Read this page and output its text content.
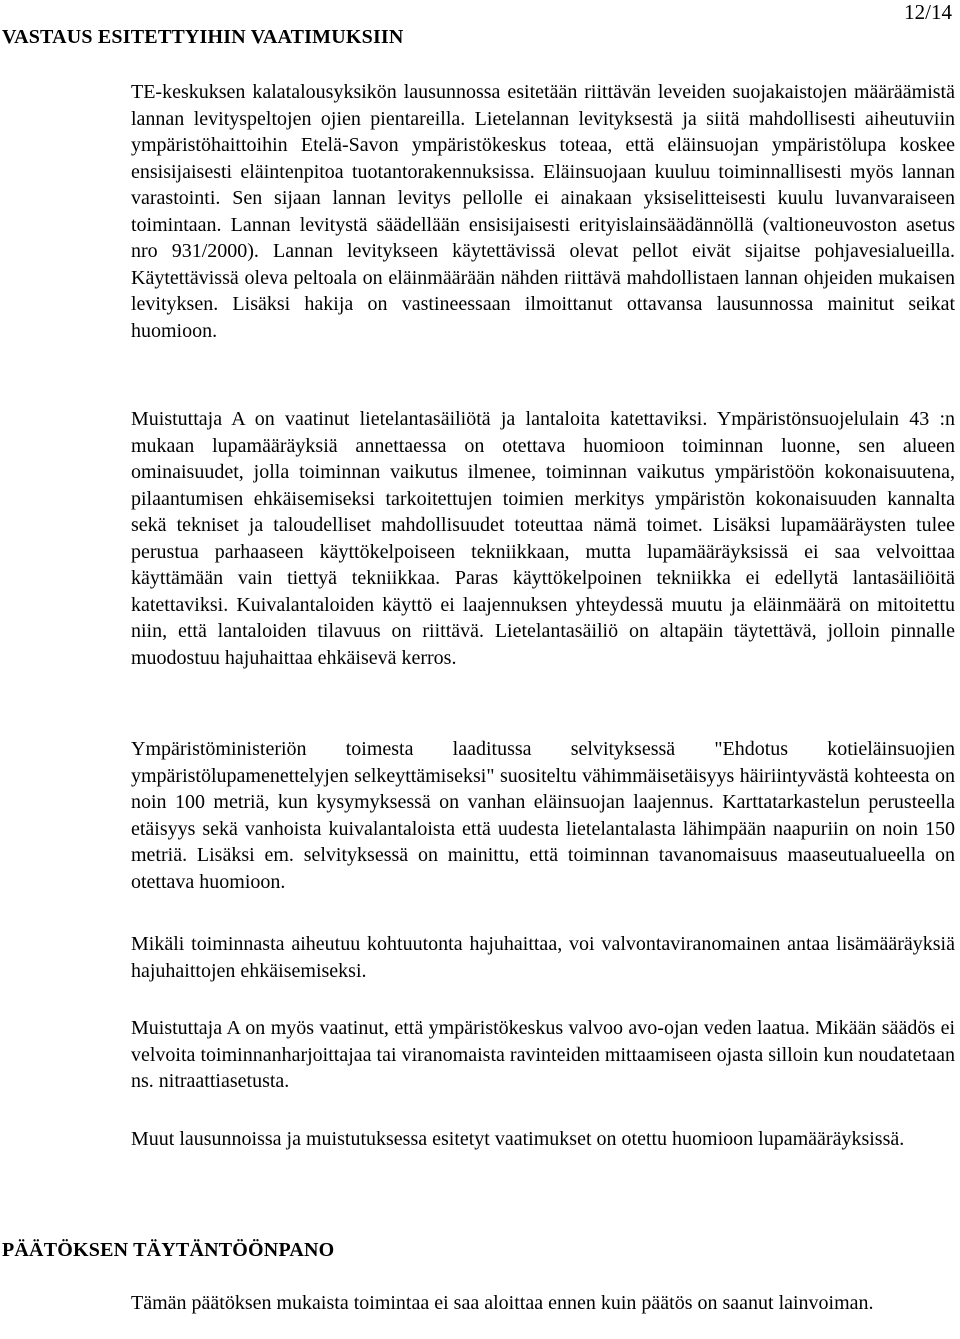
12/14
VASTAUS ESITETTYIHIN VAATIMUKSIIN

TE-keskuksen kalatalousyksikön lausunnossa esitetään riittävän leveiden suojakaistojen määräämistä lannan levityspeltojen ojien pientareilla. Lietelannan levityksestä ja siitä mahdollisesti aiheutuviin ympäristöhaittoihin Etelä-Savon ympäristökeskus toteaa, että eläinsuojan ympäristölupa koskee ensisijaisesti eläintenpitoa tuotantorakennuksissa. Eläinsuojaan kuuluu toiminnallisesti myös lannan varastointi. Sen sijaan lannan levitys pellolle ei ainakaan yksiselitteisesti kuulu luvanvaraiseen toimintaan. Lannan levitystä säädellään ensisijaisesti erityislainsäädännöllä (valtioneuvoston asetus nro 931/2000). Lannan levitykseen käytettävissä olevat pellot eivät sijaitse pohjavesialueilla. Käytettävissä oleva peltoala on eläinmäärään nähden riittävä mahdollistaen lannan ohjeiden mukaisen levityksen. Lisäksi hakija on vastineessaan ilmoittanut ottavansa lausunnossa mainitut seikat huomioon.

Muistuttaja A on vaatinut lietelantasäiliötä ja lantaloita katettaviksi. Ympäristönsuojelulain 43 :n mukaan lupamääräyksiä annettaessa on otettava huomioon toiminnan luonne, sen alueen ominaisuudet, jolla toiminnan vaikutus ilmenee, toiminnan vaikutus ympäristöön kokonaisuutena, pilaantumisen ehkäisemiseksi tarkoitettujen toimien merkitys ympäristön kokonaisuuden kannalta sekä tekniset ja taloudelliset mahdollisuudet toteuttaa nämä toimet. Lisäksi lupamääräysten tulee perustua parhaaseen käyttökelpoiseen tekniikkaan, mutta lupamääräyksissä ei saa velvoittaa käyttämään vain tiettyä tekniikkaa. Paras käyttökelpoinen tekniikka ei edellytä lantasäiliöitä katettaviksi. Kuivalantaloiden käyttö ei laajennuksen yhteydessä muutu ja eläinmäärä on mitoitettu niin, että lantaloiden tilavuus on riittävä. Lietelantasäiliö on altapäin täytettävä, jolloin pinnalle muodostuu hajuhaittaa ehkäisevä kerros.

Ympäristöministeriön toimesta laaditussa selvityksessä "Ehdotus kotieläinsuojien ympäristölupamenettelyjen selkeyttämiseksi" suositeltu vähimmäisetäisyys häiriintyvästä kohteesta on noin 100 metriä, kun kysymyksessä on vanhan eläinsuojan laajennus. Karttatarkastelun perusteella etäisyys sekä vanhoista kuivalantaloista että uudesta lietelantalasta lähimpään naapuriin on noin 150 metriä. Lisäksi em. selvityksessä on mainittu, että toiminnan tavanomaisuus maaseutualueella on otettava huomioon.

Mikäli toiminnasta aiheutuu kohtuutonta hajuhaittaa, voi valvontaviranomainen antaa lisämääräyksiä hajuhaittojen ehkäisemiseksi.

Muistuttaja A on myös vaatinut, että ympäristökeskus valvoo avo-ojan veden laatua. Mikään säädös ei velvoita toiminnanharjoittajaa tai viranomaista ravinteiden mittaamiseen ojasta silloin kun noudatetaan ns. nitraattiasetusta.

Muut lausunnoissa ja muistutuksessa esitetyt vaatimukset on otettu huomioon lupamääräyksissä.

PÄÄTÖKSEN TÄYTÄNTÖÖNPANO

Tämän päätöksen mukaista toimintaa ei saa aloittaa ennen kuin päätös on saanut lainvoiman.
